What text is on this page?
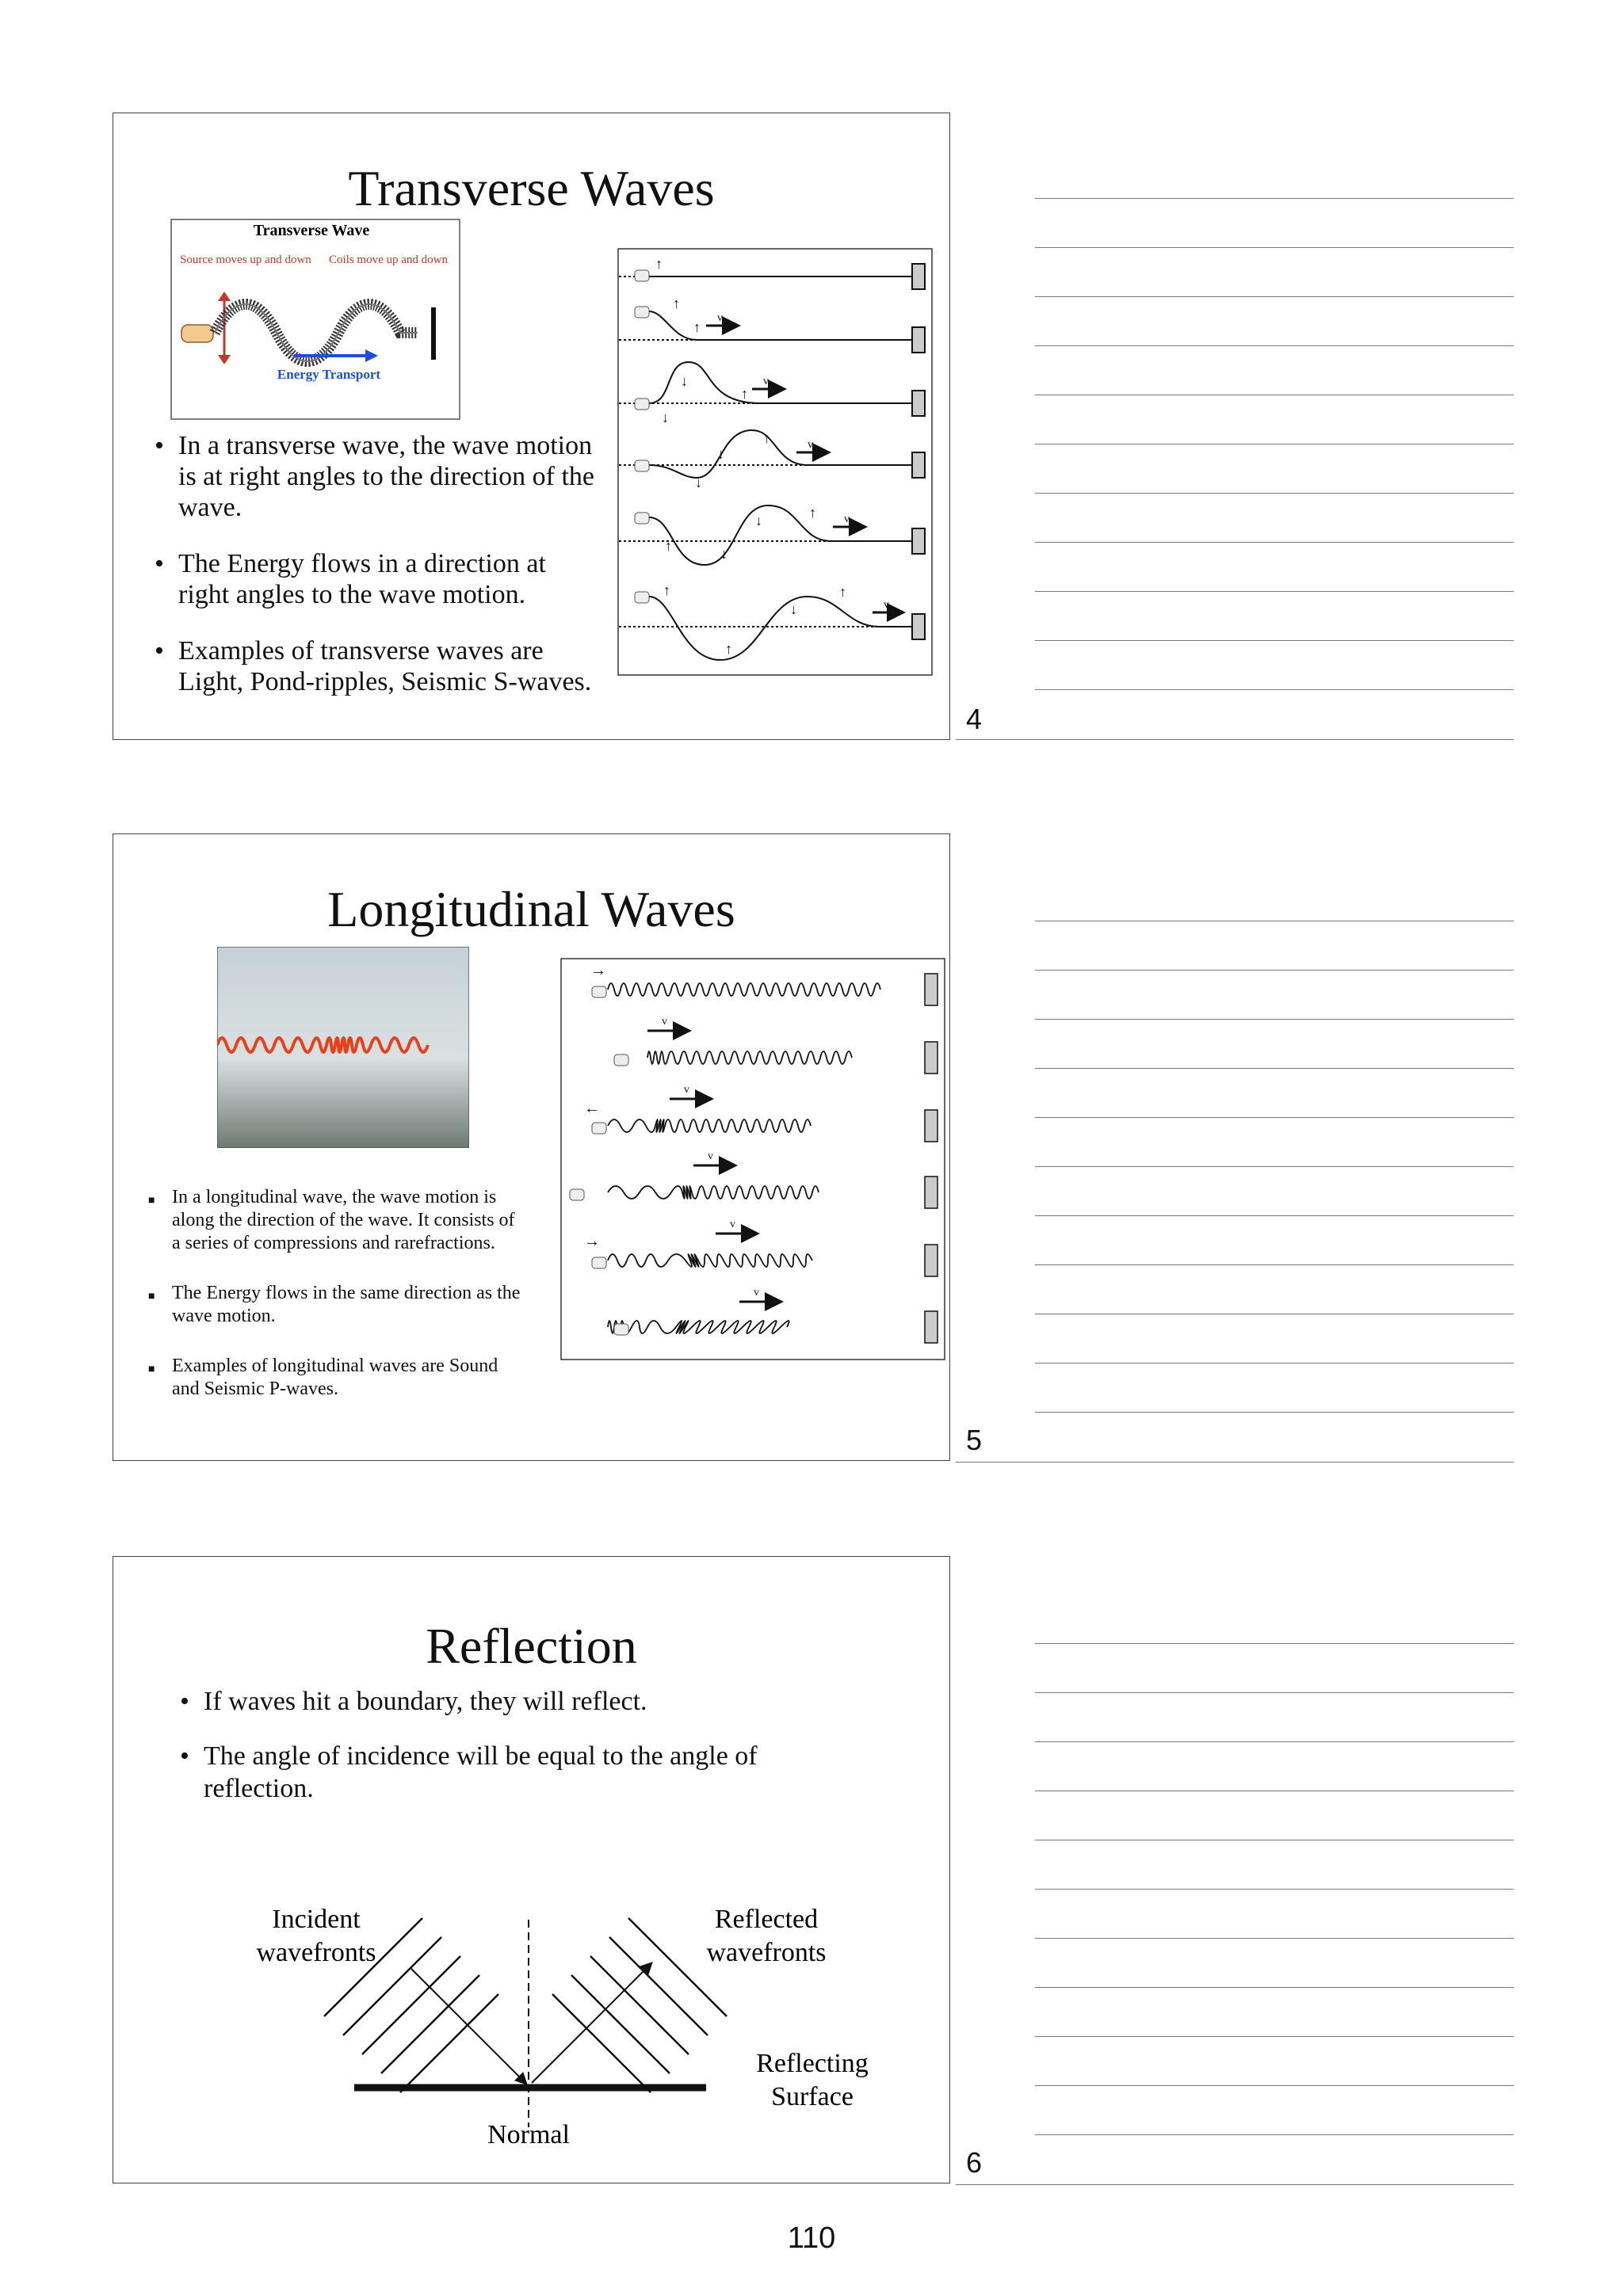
Transverse Waves
Transverse Wave
Source moves up and down Coils move up and down
Energy Transport
• In a transverse wave, the wave motion is at right angles to the direction of the wave.
• The Energy flows in a direction at right angles to the wave motion.
• Examples of transverse waves are Light, Pond-ripples, Seismic S-waves.
v
v
v
v
v
↑
↑
↑
↑
↓
↓
↑
↓
↓
↑
↓
↓
↑
↑
↓
↑
↑
4
Longitudinal Waves
■ In a longitudinal wave, the wave motion is along the direction of the wave. It consists of a series of compressions and rarefractions.
■ The Energy flows in the same direction as the wave motion.
■ Examples of longitudinal waves are Sound and Seismic P-waves.
v
v
v
v
v
→
←
→
5
Reflection
• If waves hit a boundary, they will reflect.
• The angle of incidence will be equal to the angle of reflection.
Incident
wavefronts
Reflected
wavefronts
Reflecting
Surface
Normal
6
110
